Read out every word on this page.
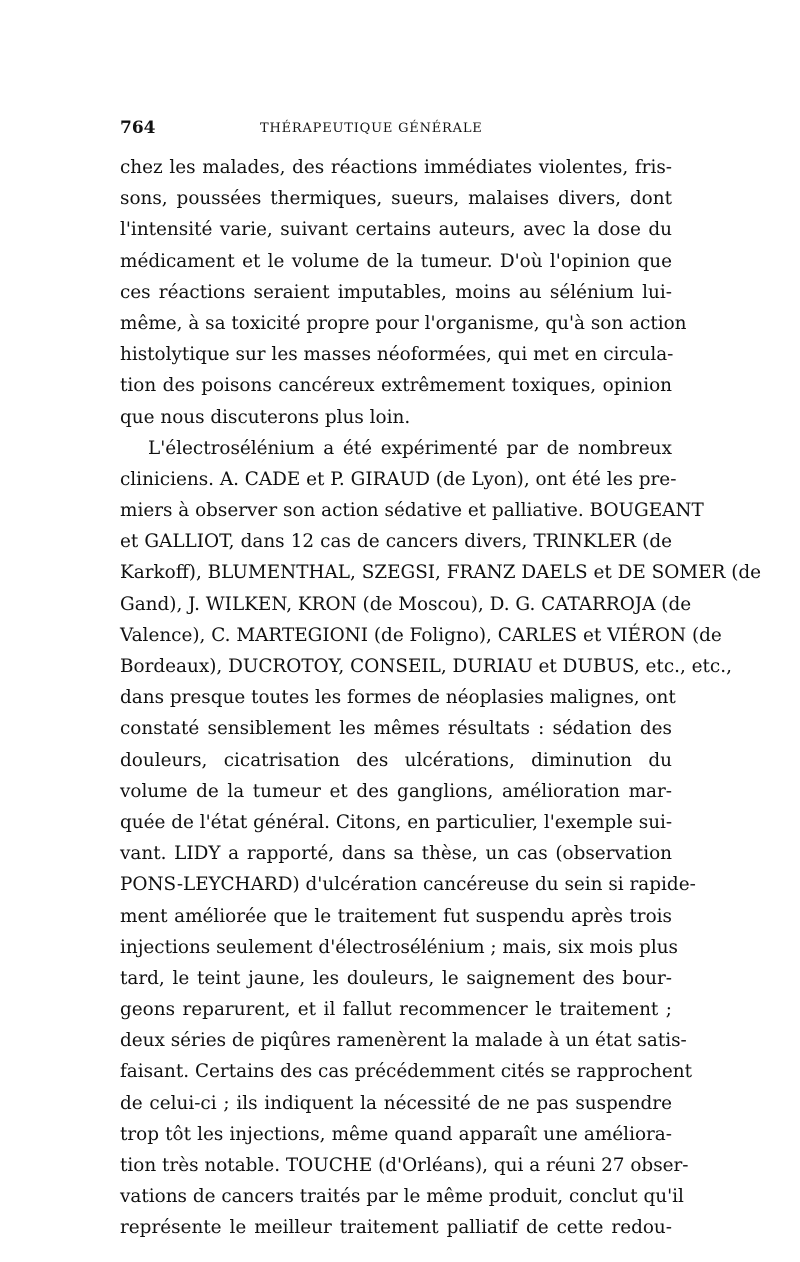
764	THÉRAPEUTIQUE GÉNÉRALE
chez les malades, des réactions immédiates violentes, fris-
sons, poussées thermiques, sueurs, malaises divers, dont
l'intensité varie, suivant certains auteurs, avec la dose du
médicament et le volume de la tumeur. D'où l'opinion que
ces réactions seraient imputables, moins au sélénium lui-
même, à sa toxicité propre pour l'organisme, qu'à son action
histolytique sur les masses néoformées, qui met en circula-
tion des poisons cancéreux extrêmement toxiques, opinion
que nous discuterons plus loin.
L'électrosélénium a été expérimenté par de nombreux
cliniciens. A. CADE et P. GIRAUD (de Lyon), ont été les pre-
miers à observer son action sédative et palliative. BOUGEANT
et GALLIOT, dans 12 cas de cancers divers, TRINKLER (de
Karkoff), BLUMENTHAL, SZEGSI, FRANZ DAELS et DE SOMER (de
Gand), J. WILKEN, KRON (de Moscou), D. G. CATARROJA (de
Valence), C. MARTEGIONI (de Foligno), CARLES et VIÉRON (de
Bordeaux), DUCROTOY, CONSEIL, DURIAU et DUBUS, etc., etc.,
dans presque toutes les formes de néoplasies malignes, ont
constaté sensiblement les mêmes résultats : sédation des
douleurs, cicatrisation des ulcérations, diminution du
volume de la tumeur et des ganglions, amélioration mar-
quée de l'état général. Citons, en particulier, l'exemple sui-
vant. LIDY a rapporté, dans sa thèse, un cas (observation
PONS-LEYCHARD) d'ulcération cancéreuse du sein si rapide-
ment améliorée que le traitement fut suspendu après trois
injections seulement d'électrosélénium ; mais, six mois plus
tard, le teint jaune, les douleurs, le saignement des bour-
geons reparurent, et il fallut recommencer le traitement ;
deux séries de piqûres ramenèrent la malade à un état satis-
faisant. Certains des cas précédemment cités se rapprochent
de celui-ci ; ils indiquent la nécessité de ne pas suspendre
trop tôt les injections, même quand apparaît une améliora-
tion très notable. TOUCHE (d'Orléans), qui a réuni 27 obser-
vations de cancers traités par le même produit, conclut qu'il
représente le meilleur traitement palliatif de cette redou-
